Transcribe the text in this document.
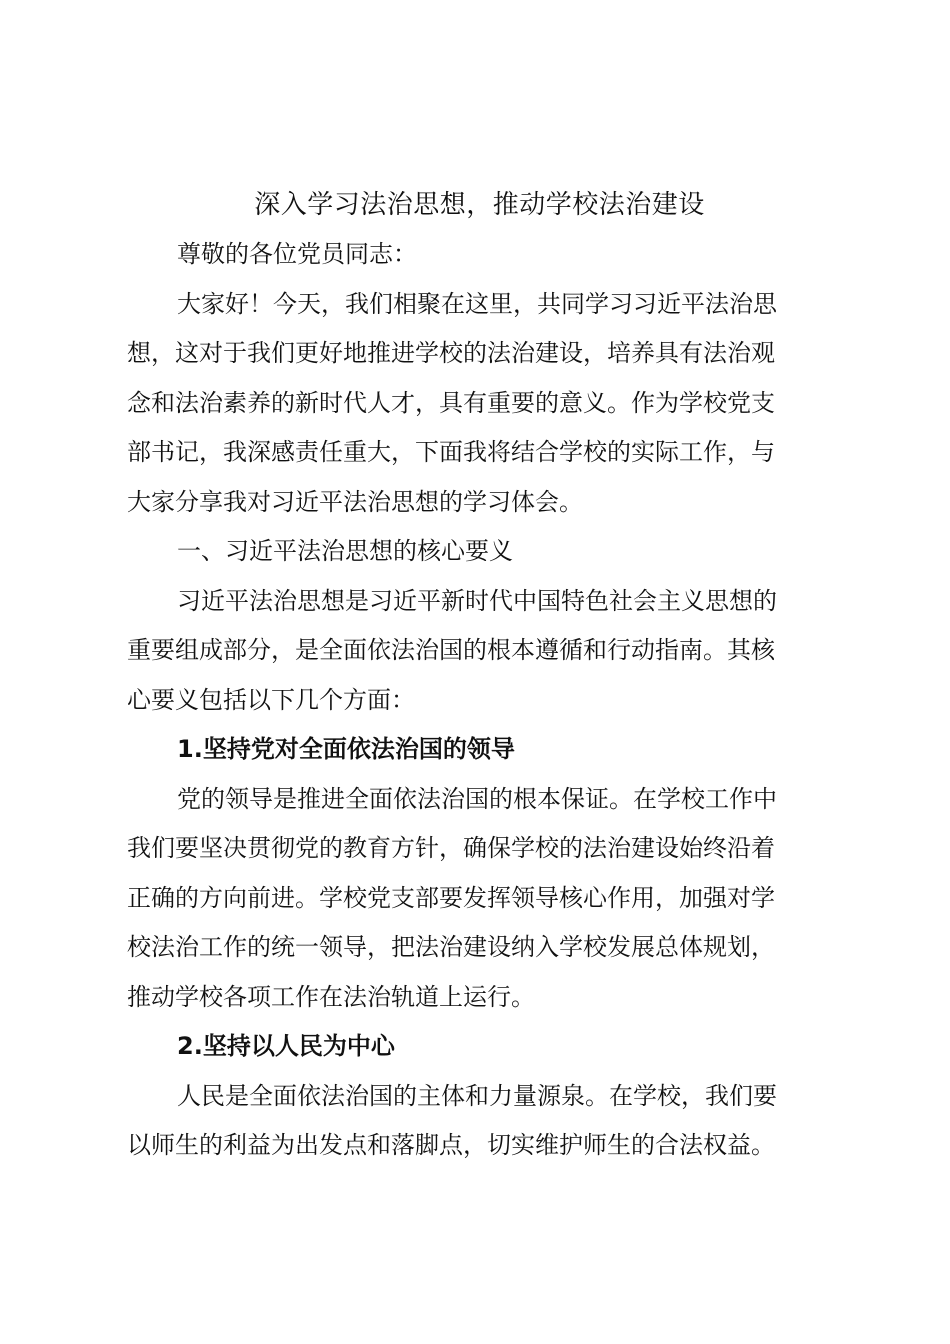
深入学习法治思想，推动学校法治建设

尊敬的各位党员同志：

大家好！今天，我们相聚在这里，共同学习习近平法治思

想，这对于我们更好地推进学校的法治建设，培养具有法治观

念和法治素养的新时代人才，具有重要的意义。作为学校党支

部书记，我深感责任重大，下面我将结合学校的实际工作，与

大家分享我对习近平法治思想的学习体会。

一、习近平法治思想的核心要义

习近平法治思想是习近平新时代中国特色社会主义思想的

重要组成部分，是全面依法治国的根本遵循和行动指南。其核

心要义包括以下几个方面：

1.坚持党对全面依法治国的领导

党的领导是推进全面依法治国的根本保证。在学校工作中

我们要坚决贯彻党的教育方针，确保学校的法治建设始终沿着

正确的方向前进。学校党支部要发挥领导核心作用，加强对学

校法治工作的统一领导，把法治建设纳入学校发展总体规划，

推动学校各项工作在法治轨道上运行。

2.坚持以人民为中心

人民是全面依法治国的主体和力量源泉。在学校，我们要

以师生的利益为出发点和落脚点，切实维护师生的合法权益。
